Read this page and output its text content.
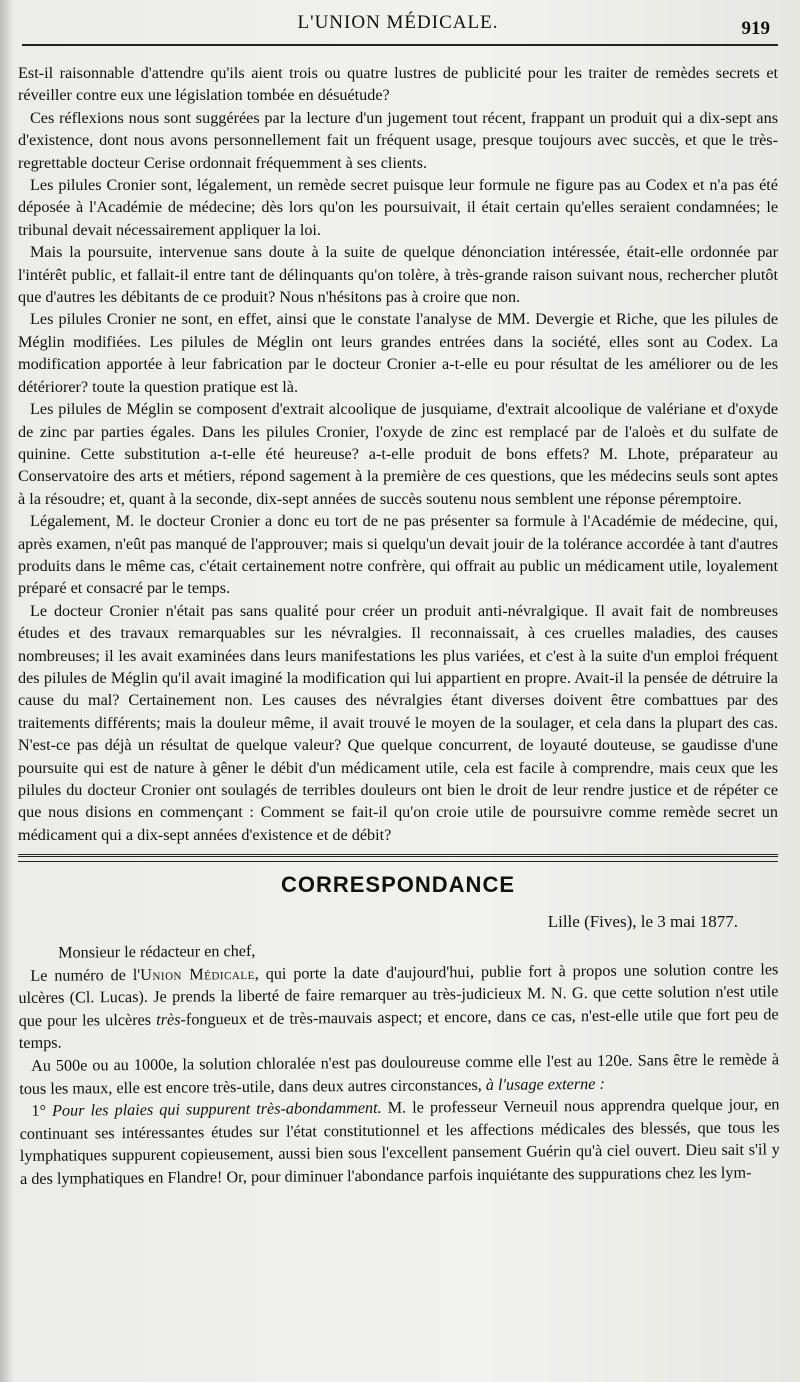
L'UNION MÉDICALE.	919

Est-il raisonnable d'attendre qu'ils aient trois ou quatre lustres de publicité pour les traiter de remèdes secrets et réveiller contre eux une législation tombée en désuétude?

Ces réflexions nous sont suggérées par la lecture d'un jugement tout récent, frappant un produit qui a dix-sept ans d'existence, dont nous avons personnellement fait un fréquent usage, presque toujours avec succès, et que le très-regrettable docteur Cerise ordonnait fréquemment à ses clients.

Les pilules Cronier sont, légalement, un remède secret puisque leur formule ne figure pas au Codex et n'a pas été déposée à l'Académie de médecine; dès lors qu'on les poursuivait, il était certain qu'elles seraient condamnées; le tribunal devait nécessairement appliquer la loi.

Mais la poursuite, intervenue sans doute à la suite de quelque dénonciation intéressée, était-elle ordonnée par l'intérêt public, et fallait-il entre tant de délinquants qu'on tolère, à très-grande raison suivant nous, rechercher plutôt que d'autres les débitants de ce produit? Nous n'hésitons pas à croire que non.

Les pilules Cronier ne sont, en effet, ainsi que le constate l'analyse de MM. Devergie et Riche, que les pilules de Méglin modifiées. Les pilules de Méglin ont leurs grandes entrées dans la société, elles sont au Codex. La modification apportée à leur fabrication par le docteur Cronier a-t-elle eu pour résultat de les améliorer ou de les détériorer? toute la question pratique est là.

Les pilules de Méglin se composent d'extrait alcoolique de jusquiame, d'extrait alcoolique de valériane et d'oxyde de zinc par parties égales. Dans les pilules Cronier, l'oxyde de zinc est remplacé par de l'aloès et du sulfate de quinine. Cette substitution a-t-elle été heureuse? a-t-elle produit de bons effets? M. Lhote, préparateur au Conservatoire des arts et métiers, répond sagement à la première de ces questions, que les médecins seuls sont aptes à la résoudre; et, quant à la seconde, dix-sept années de succès soutenu nous semblent une réponse péremptoire.

Légalement, M. le docteur Cronier a donc eu tort de ne pas présenter sa formule à l'Académie de médecine, qui, après examen, n'eût pas manqué de l'approuver; mais si quelqu'un devait jouir de la tolérance accordée à tant d'autres produits dans le même cas, c'était certainement notre confrère, qui offrait au public un médicament utile, loyalement préparé et consacré par le temps.

Le docteur Cronier n'était pas sans qualité pour créer un produit anti-névralgique. Il avait fait de nombreuses études et des travaux remarquables sur les névralgies. Il reconnaissait, à ces cruelles maladies, des causes nombreuses; il les avait examinées dans leurs manifestations les plus variées, et c'est à la suite d'un emploi fréquent des pilules de Méglin qu'il avait imaginé la modification qui lui appartient en propre. Avait-il la pensée de détruire la cause du mal? Certainement non. Les causes des névralgies étant diverses doivent être combattues par des traitements différents; mais la douleur même, il avait trouvé le moyen de la soulager, et cela dans la plupart des cas. N'est-ce pas déjà un résultat de quelque valeur? Que quelque concurrent, de loyauté douteuse, se gaudisse d'une poursuite qui est de nature à gêner le débit d'un médicament utile, cela est facile à comprendre, mais ceux que les pilules du docteur Cronier ont soulagés de terribles douleurs ont bien le droit de leur rendre justice et de répéter ce que nous disions en commençant : Comment se fait-il qu'on croie utile de poursuivre comme remède secret un médicament qui a dix-sept années d'existence et de débit?

CORRESPONDANCE
Lille (Fives), le 3 mai 1877.

Monsieur le rédacteur en chef,

Le numéro de l'Union Médicale, qui porte la date d'aujourd'hui, publie fort à propos une solution contre les ulcères (Cl. Lucas). Je prends la liberté de faire remarquer au très-judicieux M. N. G. que cette solution n'est utile que pour les ulcères très-fongueux et de très-mauvais aspect; et encore, dans ce cas, n'est-elle utile que fort peu de temps.

Au 500e ou au 1000e, la solution chloralée n'est pas douloureuse comme elle l'est au 120e. Sans être le remède à tous les maux, elle est encore très-utile, dans deux autres circonstances, à l'usage externe :

1° Pour les plaies qui suppurent très-abondamment. M. le professeur Verneuil nous apprendra quelque jour, en continuant ses intéressantes études sur l'état constitutionnel et les affections médicales des blessés, que tous les lymphatiques suppurent copieusement, aussi bien sous l'excellent pansement Guérin qu'à ciel ouvert. Dieu sait s'il y a des lymphatiques en Flandre! Or, pour diminuer l'abondance parfois inquiétante des suppurations chez les lym-
